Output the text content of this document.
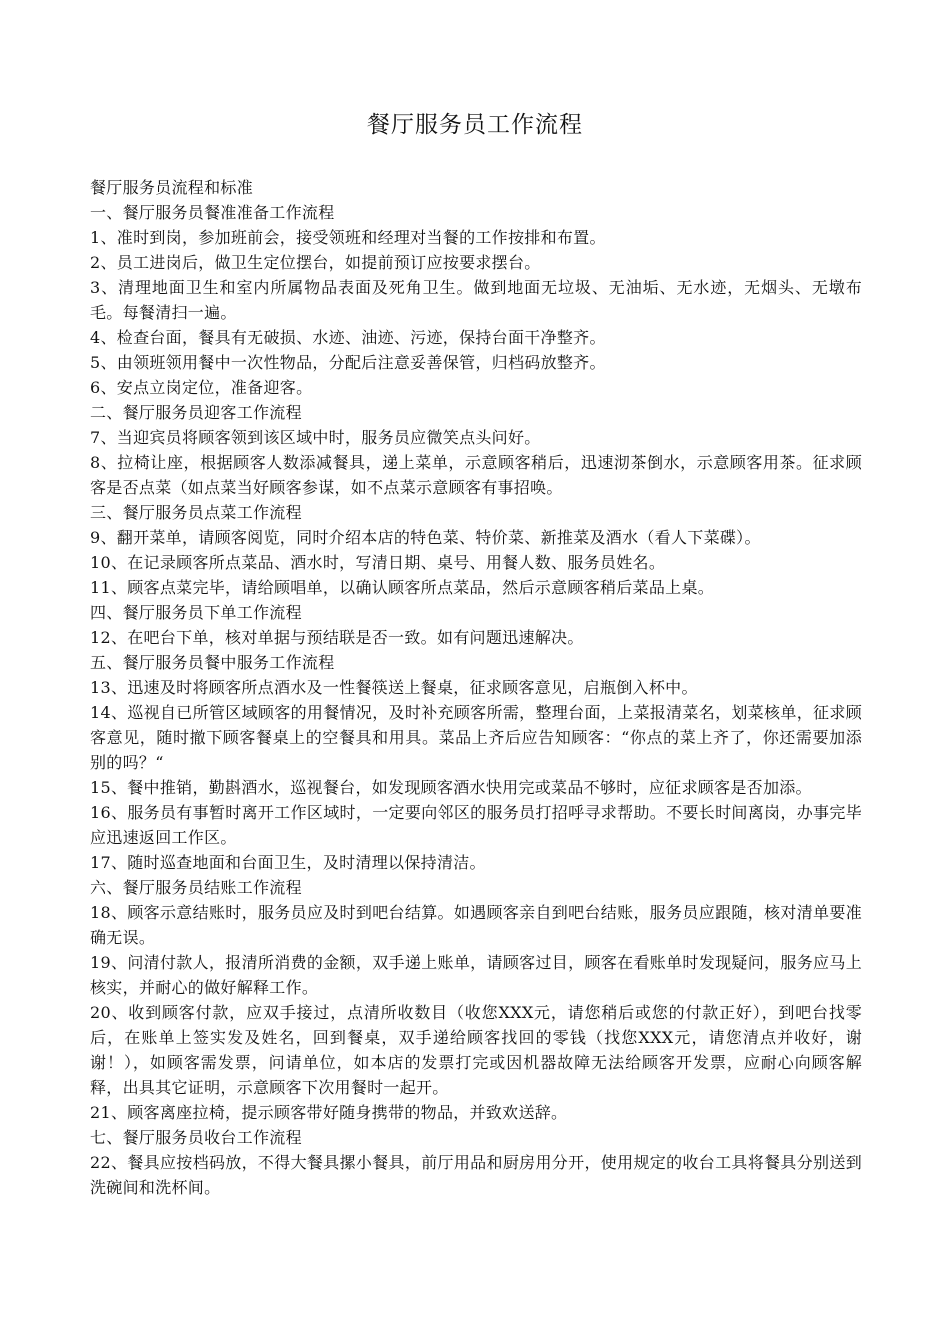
餐厅服务员工作流程

餐厅服务员流程和标准

一、餐厅服务员餐准准备工作流程

1、准时到岗，参加班前会，接受领班和经理对当餐的工作按排和布置。

2、员工进岗后，做卫生定位摆台，如提前预订应按要求摆台。

3、清理地面卫生和室内所属物品表面及死角卫生。做到地面无垃圾、无油垢、无水迹，无烟头、无墩布毛。每餐清扫一遍。

4、检查台面，餐具有无破损、水迹、油迹、污迹，保持台面干净整齐。

5、由领班领用餐中一次性物品，分配后注意妥善保管，归档码放整齐。

6、安点立岗定位，准备迎客。

二、餐厅服务员迎客工作流程

7、当迎宾员将顾客领到该区域中时，服务员应微笑点头问好。

8、拉椅让座，根据顾客人数添减餐具，递上菜单，示意顾客稍后，迅速沏茶倒水，示意顾客用茶。征求顾客是否点菜（如点菜当好顾客参谋，如不点菜示意顾客有事招唤。

三、餐厅服务员点菜工作流程

9、翻开菜单，请顾客阅览，同时介绍本店的特色菜、特价菜、新推菜及酒水（看人下菜碟）。

10、在记录顾客所点菜品、酒水时，写清日期、桌号、用餐人数、服务员姓名。

11、顾客点菜完毕，请给顾唱单，以确认顾客所点菜品，然后示意顾客稍后菜品上桌。

四、餐厅服务员下单工作流程

12、在吧台下单，核对单据与预结联是否一致。如有问题迅速解决。

五、餐厅服务员餐中服务工作流程

13、迅速及时将顾客所点酒水及一性餐筷送上餐桌，征求顾客意见，启瓶倒入杯中。

14、巡视自已所管区域顾客的用餐情况，及时补充顾客所需，整理台面，上菜报清菜名，划菜核单，征求顾客意见，随时撤下顾客餐桌上的空餐具和用具。菜品上齐后应告知顾客：“你点的菜上齐了，你还需要加添别的吗？“

15、餐中推销，勤斟酒水，巡视餐台，如发现顾客酒水快用完或菜品不够时，应征求顾客是否加添。

16、服务员有事暂时离开工作区域时，一定要向邻区的服务员打招呼寻求帮助。不要长时间离岗，办事完毕应迅速返回工作区。

17、随时巡查地面和台面卫生，及时清理以保持清洁。

六、餐厅服务员结账工作流程

18、顾客示意结账时，服务员应及时到吧台结算。如遇顾客亲自到吧台结账，服务员应跟随，核对清单要准确无误。

19、问清付款人，报清所消费的金额，双手递上账单，请顾客过目，顾客在看账单时发现疑问，服务应马上核实，并耐心的做好解释工作。

20、收到顾客付款，应双手接过，点清所收数目（收您XXX元，请您稍后或您的付款正好），到吧台找零后，在账单上签实发及姓名，回到餐桌，双手递给顾客找回的零钱（找您XXX元，请您清点并收好，谢谢！），如顾客需发票，问请单位，如本店的发票打完或因机器故障无法给顾客开发票，应耐心向顾客解释，出具其它证明，示意顾客下次用餐时一起开。

21、顾客离座拉椅，提示顾客带好随身携带的物品，并致欢送辞。

七、餐厅服务员收台工作流程

22、餐具应按档码放，不得大餐具摞小餐具，前厅用品和厨房用分开，使用规定的收台工具将餐具分别送到洗碗间和洗杯间。
